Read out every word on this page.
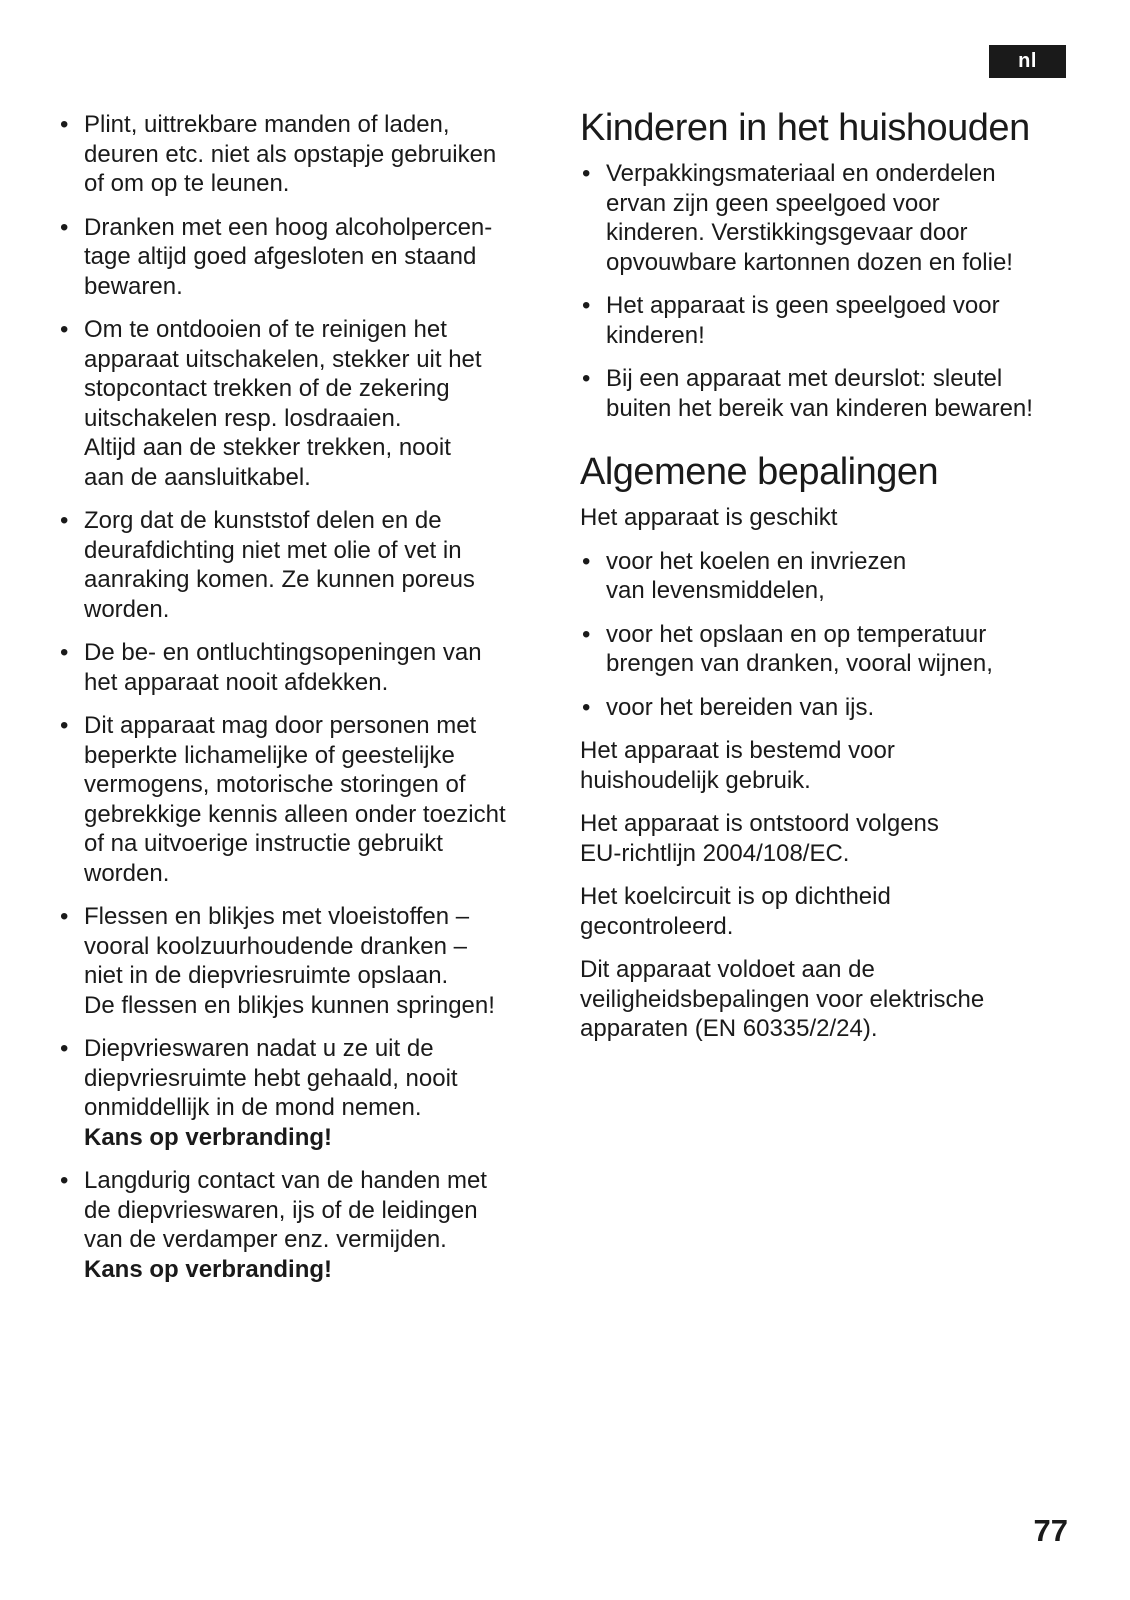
nl
• Plint, uittrekbare manden of laden,
deuren etc. niet als opstapje gebruiken
of om op te leunen.
• Dranken met een hoog alcoholpercen-
tage altijd goed afgesloten en staand
bewaren.
• Om te ontdooien of te reinigen het
apparaat uitschakelen, stekker uit het
stopcontact trekken of de zekering
uitschakelen resp. losdraaien.
Altijd aan de stekker trekken, nooit
aan de aansluitkabel.
• Zorg dat de kunststof delen en de
deurafdichting niet met olie of vet in
aanraking komen. Ze kunnen poreus
worden.
• De be- en ontluchtingsopeningen van
het apparaat nooit afdekken.
• Dit apparaat mag door personen met
beperkte lichamelijke of geestelijke
vermogens, motorische storingen of
gebrekkige kennis alleen onder toezicht
of na uitvoerige instructie gebruikt
worden.
• Flessen en blikjes met vloeistoffen –
vooral koolzuurhoudende dranken –
niet in de diepvriesruimte opslaan.
De flessen en blikjes kunnen springen!
• Diepvrieswaren nadat u ze uit de
diepvriesruimte hebt gehaald, nooit
onmiddellijk in de mond nemen.
Kans op verbranding!
• Langdurig contact van de handen met
de diepvrieswaren, ijs of de leidingen
van de verdamper enz. vermijden.
Kans op verbranding!
Kinderen in het huishouden
• Verpakkingsmateriaal en onderdelen
ervan zijn geen speelgoed voor
kinderen. Verstikkingsgevaar door
opvouwbare kartonnen dozen en folie!
• Het apparaat is geen speelgoed voor
kinderen!
• Bij een apparaat met deurslot: sleutel
buiten het bereik van kinderen bewaren!
Algemene bepalingen

Het apparaat is geschikt

• voor het koelen en invriezen
van levensmiddelen,
• voor het opslaan en op temperatuur
brengen van dranken, vooral wijnen,
• voor het bereiden van ijs.

Het apparaat is bestemd voor
huishoudelijk gebruik.

Het apparaat is ontstoord volgens
EU-richtlijn 2004/108/EC.

Het koelcircuit is op dichtheid
gecontroleerd.

Dit apparaat voldoet aan de
veiligheidsbepalingen voor elektrische
apparaten (EN 60335/2/24).

77
